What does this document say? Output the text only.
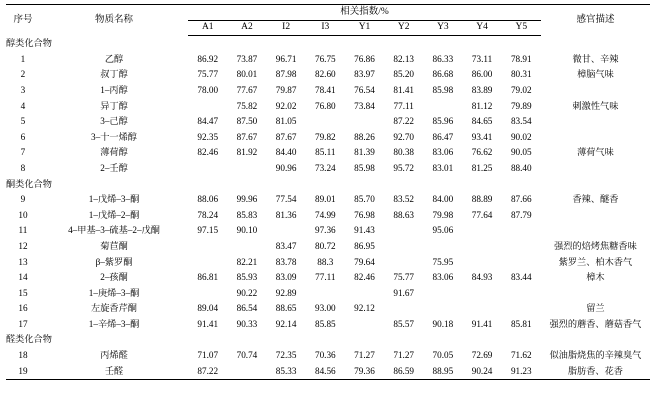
序号	物质名称	相关指数/%									感官描述
		A1	A2	I2	I3	Y1	Y2	Y3	Y4	Y5	
醇类化合物											
1	乙醇	86.92	73.87	96.71	76.75	76.86	82.13	86.33	73.11	78.91	微甘、辛辣
2	叔丁醇	75.77	80.01	87.98	82.60	83.97	85.20	86.68	86.00	80.31	樟脑气味
3	1–丙醇	78.00	77.67	79.87	78.41	76.54	81.41	85.98	83.89	79.02	
4	异丁醇		75.82	92.02	76.80	73.84	77.11		81.12	79.89	刺激性气味
5	3–己醇	84.47	87.50	81.05			87.22	85.96	84.65	83.54	
6	3–十一烯醇	92.35	87.67	87.67	79.82	88.26	92.70	86.47	93.41	90.02	
7	薄荷醇	82.46	81.92	84.40	85.11	81.39	80.38	83.06	76.62	90.05	薄荷气味
8	2–壬醇			90.96	73.24	85.98	95.72	83.01	81.25	88.40	
酮类化合物											
9	1–戊烯–3–酮	88.06	99.96	77.54	89.01	85.70	83.52	84.00	88.89	87.66	香辣、醚香
10	1–戊烯–2–酮	78.24	85.83	81.36	74.99	76.98	88.63	79.98	77.64	87.79	
11	4–甲基–3–硫基–2–戊酮	97.15	90.10		97.36	91.43		95.06			
12	菊苣酮			83.47	80.72	86.95					强烈的焙烤焦糖香味
13	β–紫罗酮		82.21	83.78	88.3	79.64		75.95			紫罗兰、柏木香气
14	2–孩酮	86.81	85.93	83.09	77.11	82.46	75.77	83.06	84.93	83.44	樟木
15	1–庚烯–3–酮		90.22	92.89			91.67				
16	左旋香芹酮	89.04	86.54	88.65	93.00	92.12					留兰
17	1–辛烯–3–酮	91.41	90.33	92.14	85.85		85.57	90.18	91.41	85.81	强烈的蘑香、蘑菇香气
醛类化合物											
18	丙烯醛	71.07	70.74	72.35	70.36	71.27	71.27	70.05	72.69	71.62	似油脂烧焦的辛辣臭气
19	壬醛	87.22		85.33	84.56	79.36	86.59	88.95	90.24	91.23	脂肪香、花香
